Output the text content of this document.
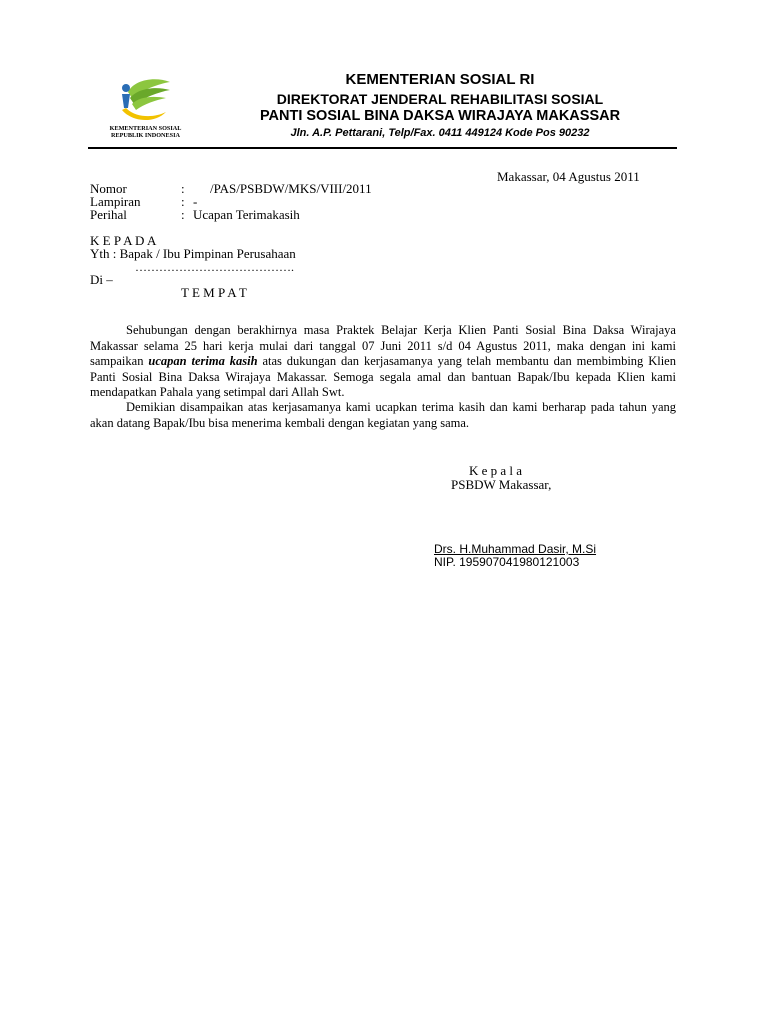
KEMENTERIAN SOSIAL
REPUBLIK INDONESIA
KEMENTERIAN SOSIAL RI
DIREKTORAT JENDERAL REHABILITASI SOSIAL
PANTI SOSIAL BINA DAKSA WIRAJAYA MAKASSAR
Jln. A.P. Pettarani, Telp/Fax. 0411 449124 Kode Pos 90232
Makassar, 04 Agustus 2011
Nomor	: /PAS/PSBDW/MKS/VIII/2011
Lampiran	: -
Perihal	: Ucapan Terimakasih
K E P A D A
Yth : Bapak / Ibu Pimpinan Perusahaan
………………………………….
Di –
T E M P A T
Sehubungan dengan berakhirnya masa Praktek Belajar Kerja Klien Panti Sosial Bina Daksa Wirajaya Makassar selama 25 hari kerja mulai dari tanggal 07 Juni 2011 s/d 04 Agustus 2011, maka dengan ini kami sampaikan ucapan terima kasih atas dukungan dan kerjasamanya yang telah membantu dan membimbing Klien Panti Sosial Bina Daksa Wirajaya Makassar. Semoga segala amal dan bantuan Bapak/Ibu kepada Klien kami mendapatkan Pahala yang setimpal dari Allah Swt.
Demikian disampaikan atas kerjasamanya kami ucapkan terima kasih dan kami berharap pada tahun yang akan datang Bapak/Ibu bisa menerima kembali dengan kegiatan yang sama.
K e p a l a
PSBDW Makassar,
Drs. H.Muhammad Dasir, M.Si
NIP. 195907041980121003
